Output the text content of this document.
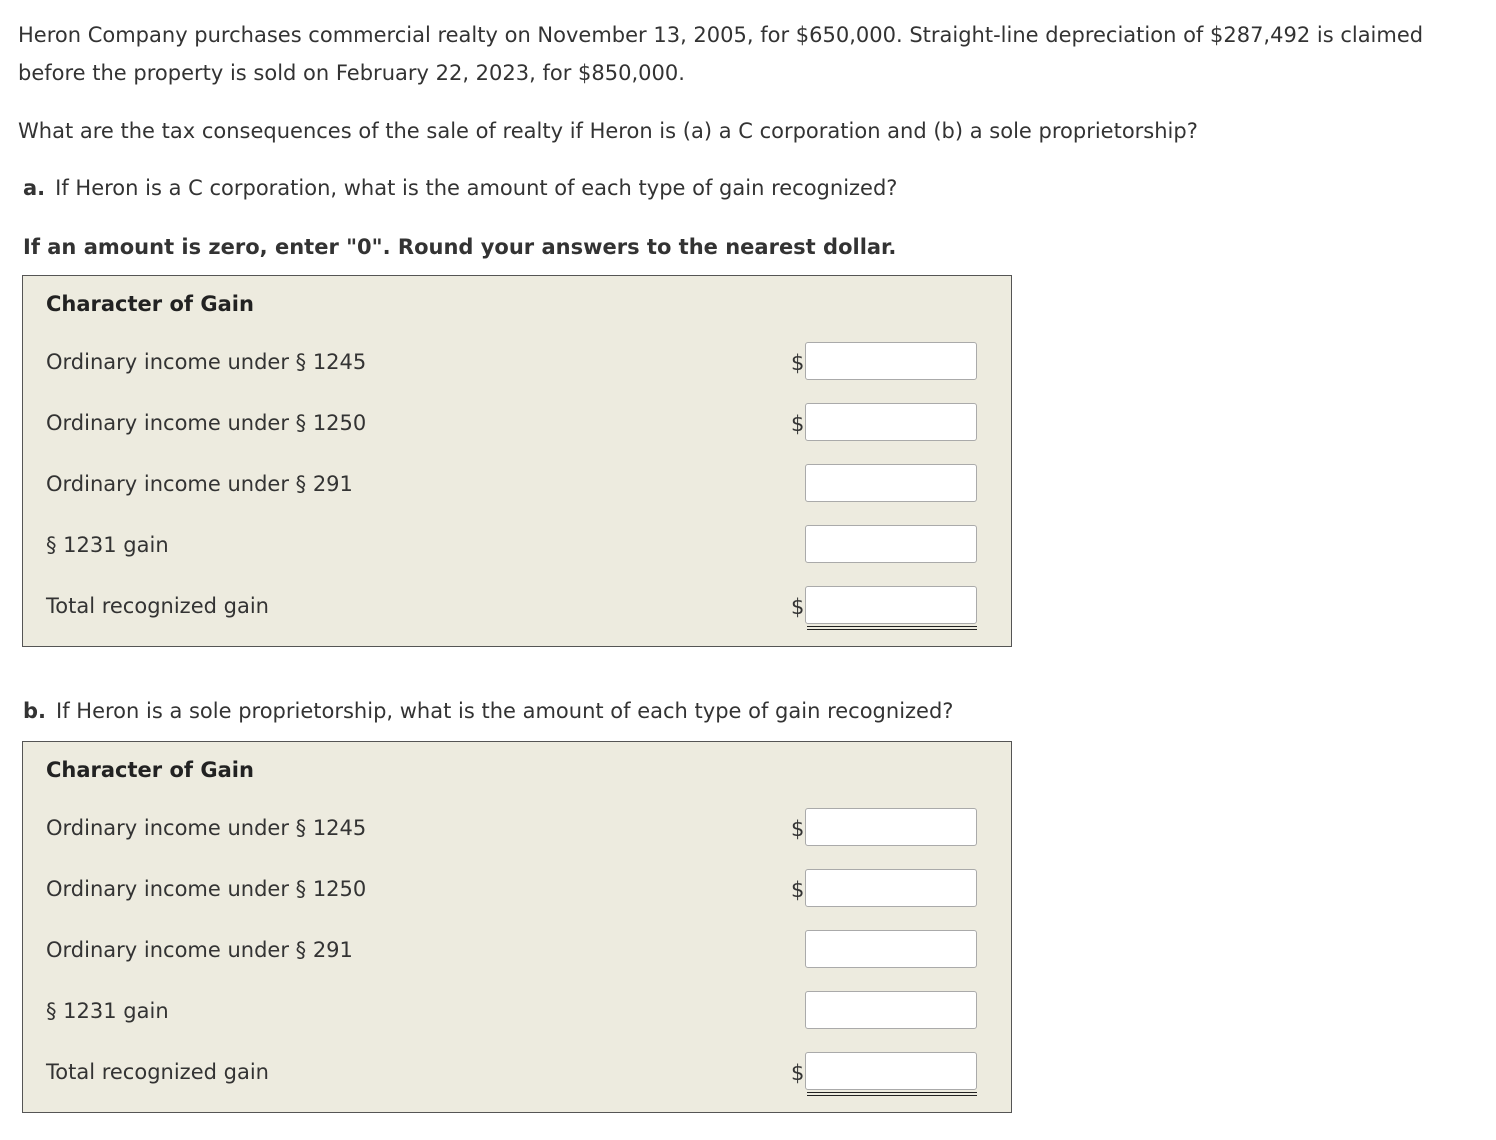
Heron Company purchases commercial realty on November 13, 2005, for $650,000. Straight-line depreciation of $287,492 is claimed before the property is sold on February 22, 2023, for $850,000.

What are the tax consequences of the sale of realty if Heron is (a) a C corporation and (b) a sole proprietorship?

a. If Heron is a C corporation, what is the amount of each type of gain recognized?

If an amount is zero, enter "0". Round your answers to the nearest dollar.

Character of Gain
Ordinary income under § 1245	$
Ordinary income under § 1250	$
Ordinary income under § 291
§ 1231 gain
Total recognized gain	$

b. If Heron is a sole proprietorship, what is the amount of each type of gain recognized?

Character of Gain
Ordinary income under § 1245	$
Ordinary income under § 1250	$
Ordinary income under § 291
§ 1231 gain
Total recognized gain	$
